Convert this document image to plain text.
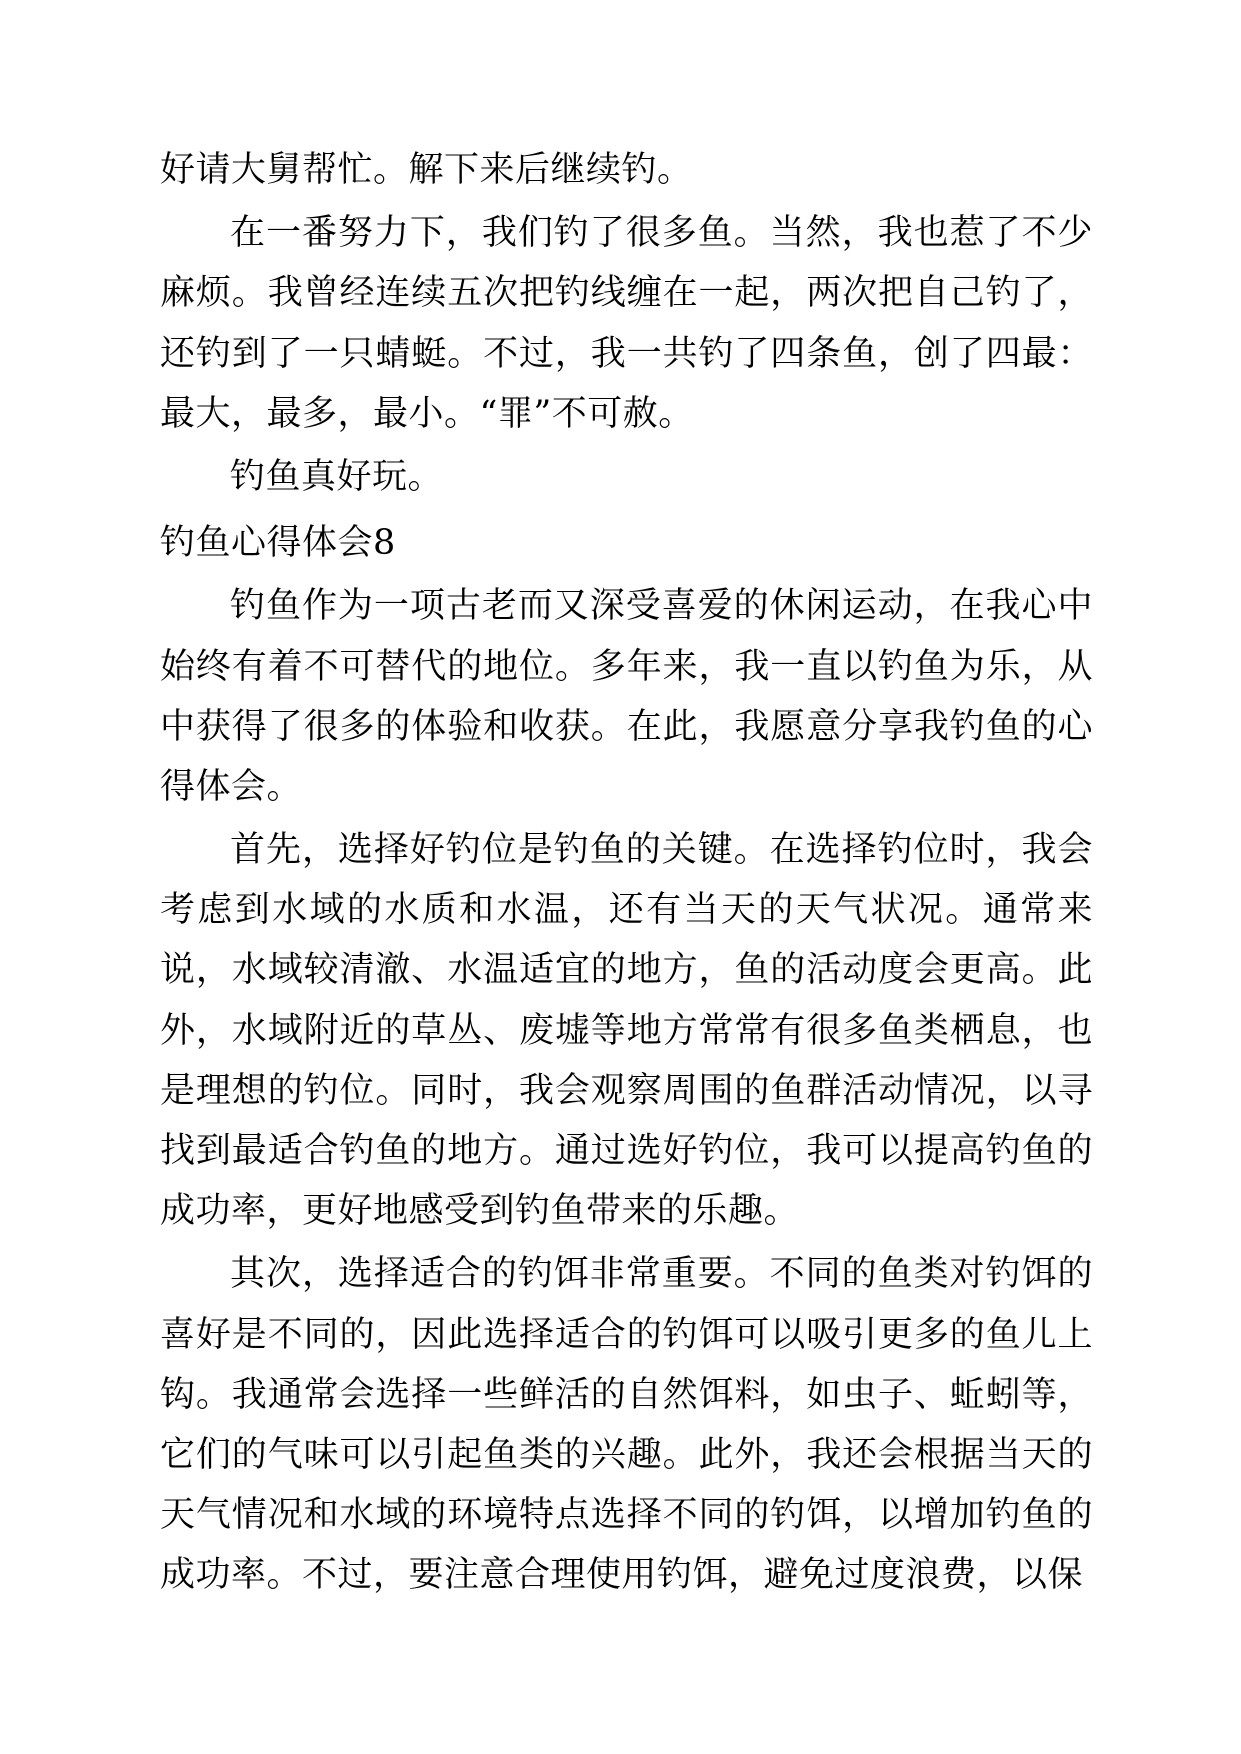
好请大舅帮忙。解下来后继续钓。

在一番努力下，我们钓了很多鱼。当然，我也惹了不少麻烦。我曾经连续五次把钓线缠在一起，两次把自己钓了，还钓到了一只蜻蜓。不过，我一共钓了四条鱼，创了四最：最大，最多，最小。“罪”不可赦。

钓鱼真好玩。

钓鱼心得体会8

钓鱼作为一项古老而又深受喜爱的休闲运动，在我心中始终有着不可替代的地位。多年来，我一直以钓鱼为乐，从中获得了很多的体验和收获。在此，我愿意分享我钓鱼的心得体会。

首先，选择好钓位是钓鱼的关键。在选择钓位时，我会考虑到水域的水质和水温，还有当天的天气状况。通常来说，水域较清澈、水温适宜的地方，鱼的活动度会更高。此外，水域附近的草丛、废墟等地方常常有很多鱼类栖息，也是理想的钓位。同时，我会观察周围的鱼群活动情况，以寻找到最适合钓鱼的地方。通过选好钓位，我可以提高钓鱼的成功率，更好地感受到钓鱼带来的乐趣。

其次，选择适合的钓饵非常重要。不同的鱼类对钓饵的喜好是不同的，因此选择适合的钓饵可以吸引更多的鱼儿上钩。我通常会选择一些鲜活的自然饵料，如虫子、蚯蚓等，它们的气味可以引起鱼类的兴趣。此外，我还会根据当天的天气情况和水域的环境特点选择不同的钓饵，以增加钓鱼的成功率。不过，要注意合理使用钓饵，避免过度浪费，以保
